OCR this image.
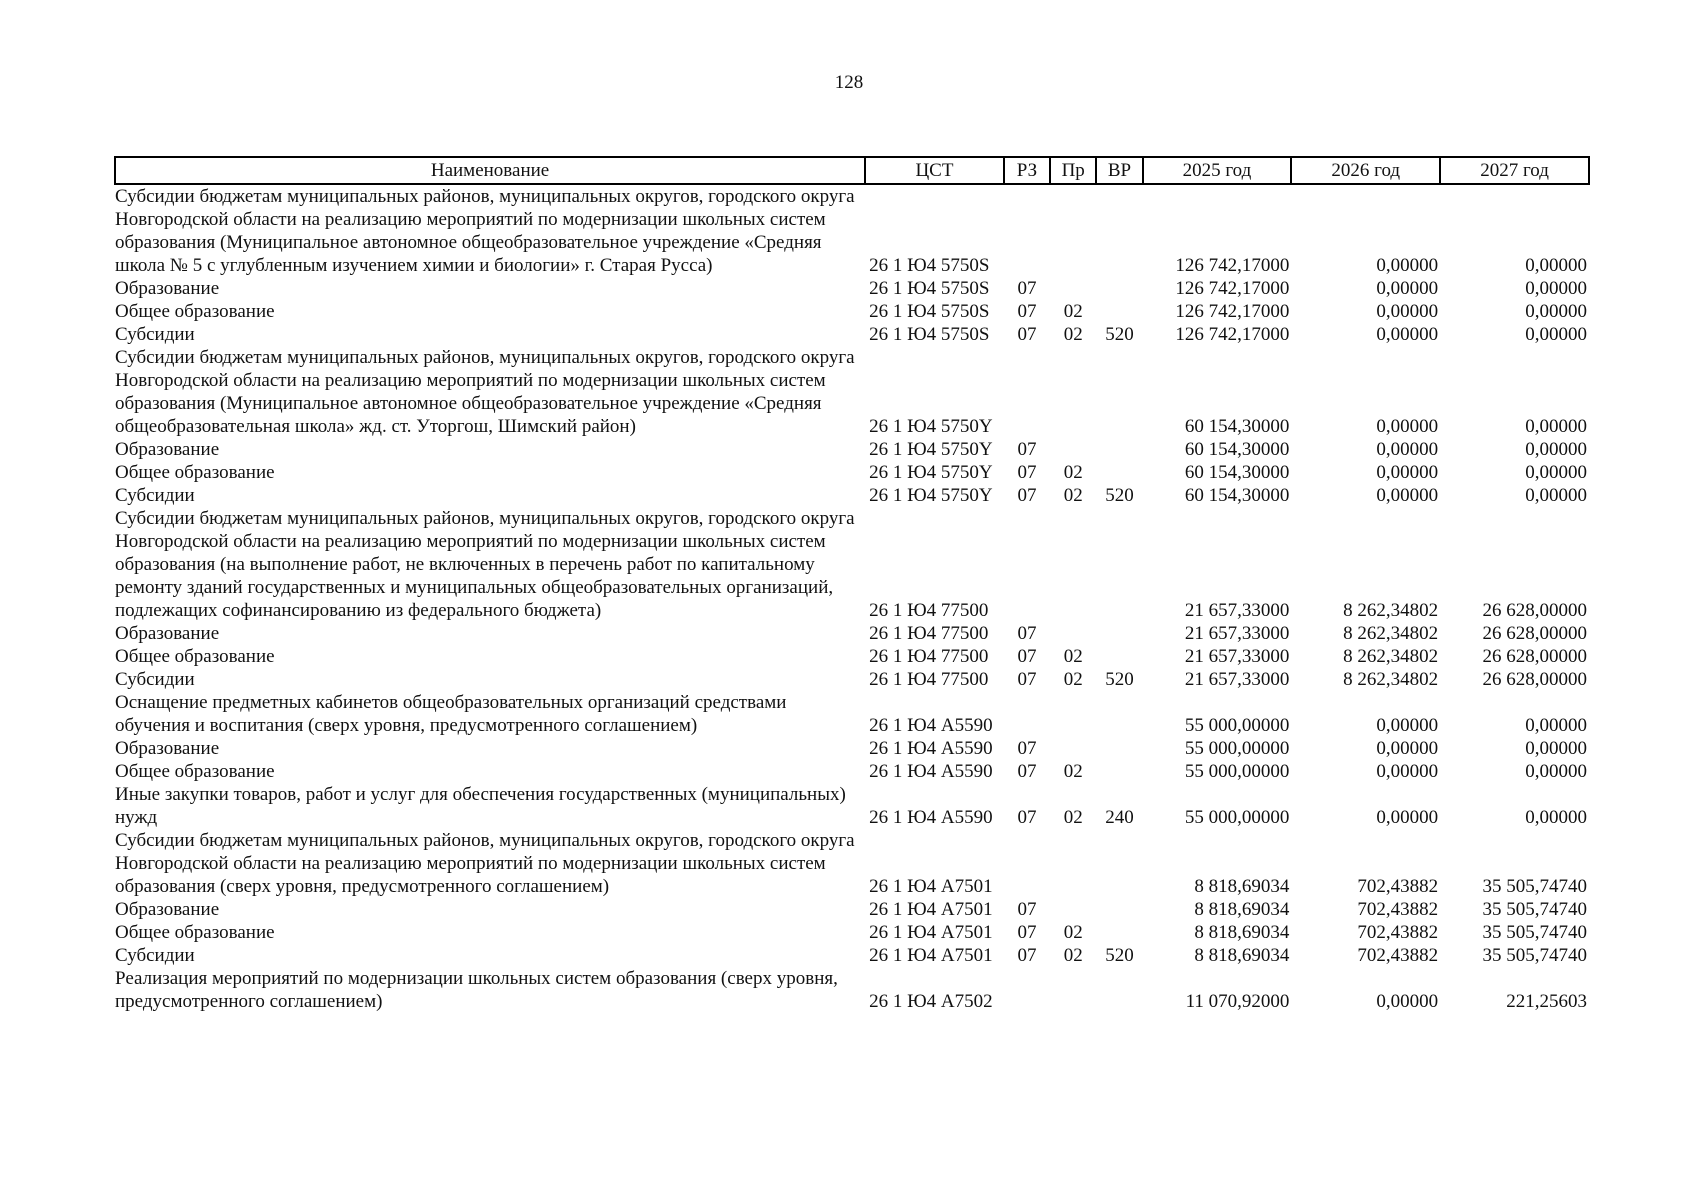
128
Наименование	ЦСТ	РЗ	Пр	ВР	2025 год	2026 год	2027 год
Субсидии бюджетам муниципальных районов, муниципальных округов, городского округа Новгородской области на реализацию мероприятий по модернизации школьных систем образования (Муниципальное автономное общеобразовательное учреждение «Средняя школа № 5 с углубленным изучением химии и биологии» г. Старая Русса)	26 1 Ю4 5750S				126 742,17000	0,00000	0,00000
Образование	26 1 Ю4 5750S	07			126 742,17000	0,00000	0,00000
Общее образование	26 1 Ю4 5750S	07	02		126 742,17000	0,00000	0,00000
Субсидии	26 1 Ю4 5750S	07	02	520	126 742,17000	0,00000	0,00000
Субсидии бюджетам муниципальных районов, муниципальных округов, городского округа Новгородской области на реализацию мероприятий по модернизации школьных систем образования (Муниципальное автономное общеобразовательное учреждение «Средняя общеобразовательная школа» жд. ст. Уторгош, Шимский район)	26 1 Ю4 5750Y				60 154,30000	0,00000	0,00000
Образование	26 1 Ю4 5750Y	07			60 154,30000	0,00000	0,00000
Общее образование	26 1 Ю4 5750Y	07	02		60 154,30000	0,00000	0,00000
Субсидии	26 1 Ю4 5750Y	07	02	520	60 154,30000	0,00000	0,00000
Субсидии бюджетам муниципальных районов, муниципальных округов, городского округа Новгородской области на реализацию мероприятий по модернизации школьных систем образования (на выполнение работ, не включенных в перечень работ по капитальному ремонту зданий государственных и муниципальных общеобразовательных организаций, подлежащих софинансированию из федерального бюджета)	26 1 Ю4 77500				21 657,33000	8 262,34802	26 628,00000
Образование	26 1 Ю4 77500	07			21 657,33000	8 262,34802	26 628,00000
Общее образование	26 1 Ю4 77500	07	02		21 657,33000	8 262,34802	26 628,00000
Субсидии	26 1 Ю4 77500	07	02	520	21 657,33000	8 262,34802	26 628,00000
Оснащение предметных кабинетов общеобразовательных организаций средствами обучения и воспитания (сверх уровня, предусмотренного соглашением)	26 1 Ю4 А5590				55 000,00000	0,00000	0,00000
Образование	26 1 Ю4 А5590	07			55 000,00000	0,00000	0,00000
Общее образование	26 1 Ю4 А5590	07	02		55 000,00000	0,00000	0,00000
Иные закупки товаров, работ и услуг для обеспечения государственных (муниципальных) нужд	26 1 Ю4 А5590	07	02	240	55 000,00000	0,00000	0,00000
Субсидии бюджетам муниципальных районов, муниципальных округов, городского округа Новгородской области на реализацию мероприятий по модернизации школьных систем образования (сверх уровня, предусмотренного соглашением)	26 1 Ю4 А7501				8 818,69034	702,43882	35 505,74740
Образование	26 1 Ю4 А7501	07			8 818,69034	702,43882	35 505,74740
Общее образование	26 1 Ю4 А7501	07	02		8 818,69034	702,43882	35 505,74740
Субсидии	26 1 Ю4 А7501	07	02	520	8 818,69034	702,43882	35 505,74740
Реализация мероприятий по модернизации школьных систем образования (сверх уровня, предусмотренного соглашением)	26 1 Ю4 А7502				11 070,92000	0,00000	221,25603
